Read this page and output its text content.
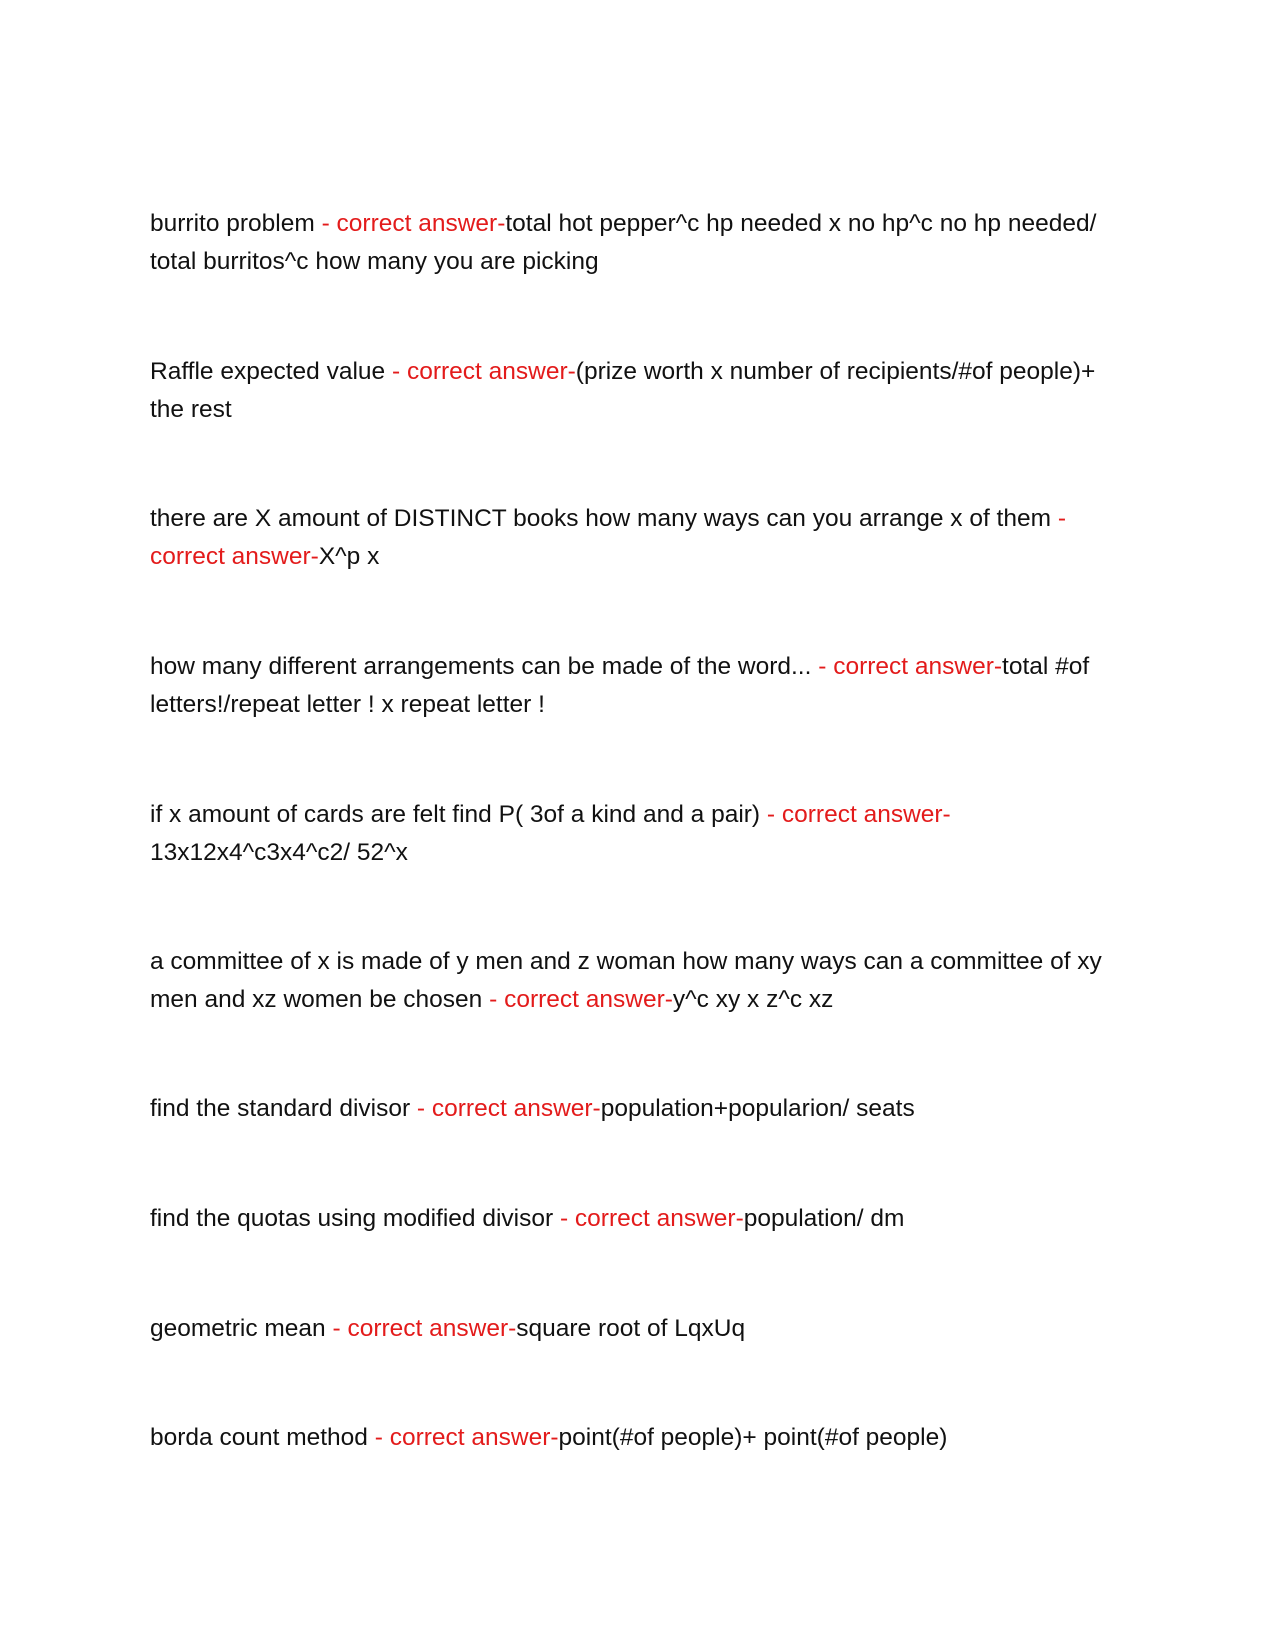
burrito problem - correct answer-total hot pepper^c hp needed x no hp^c no hp needed/ total burritos^c how many you are picking
Raffle expected value - correct answer-(prize worth x number of recipients/#of people)+ the rest
there are X amount of DISTINCT books how many ways can you arrange x of them - correct answer-X^p x
how many different arrangements can be made of the word... - correct answer-total #of letters!/repeat letter ! x repeat letter !
if x amount of cards are felt find P( 3of a kind and a pair) - correct answer-13x12x4^c3x4^c2/ 52^x
a committee of x is made of y men and z woman how many ways can a committee of xy men and xz women be chosen - correct answer-y^c xy x z^c xz
find the standard divisor - correct answer-population+popularion/ seats
find the quotas using modified divisor - correct answer-population/ dm
geometric mean - correct answer-square root of LqxUq
borda count method - correct answer-point(#of people)+ point(#of people)
